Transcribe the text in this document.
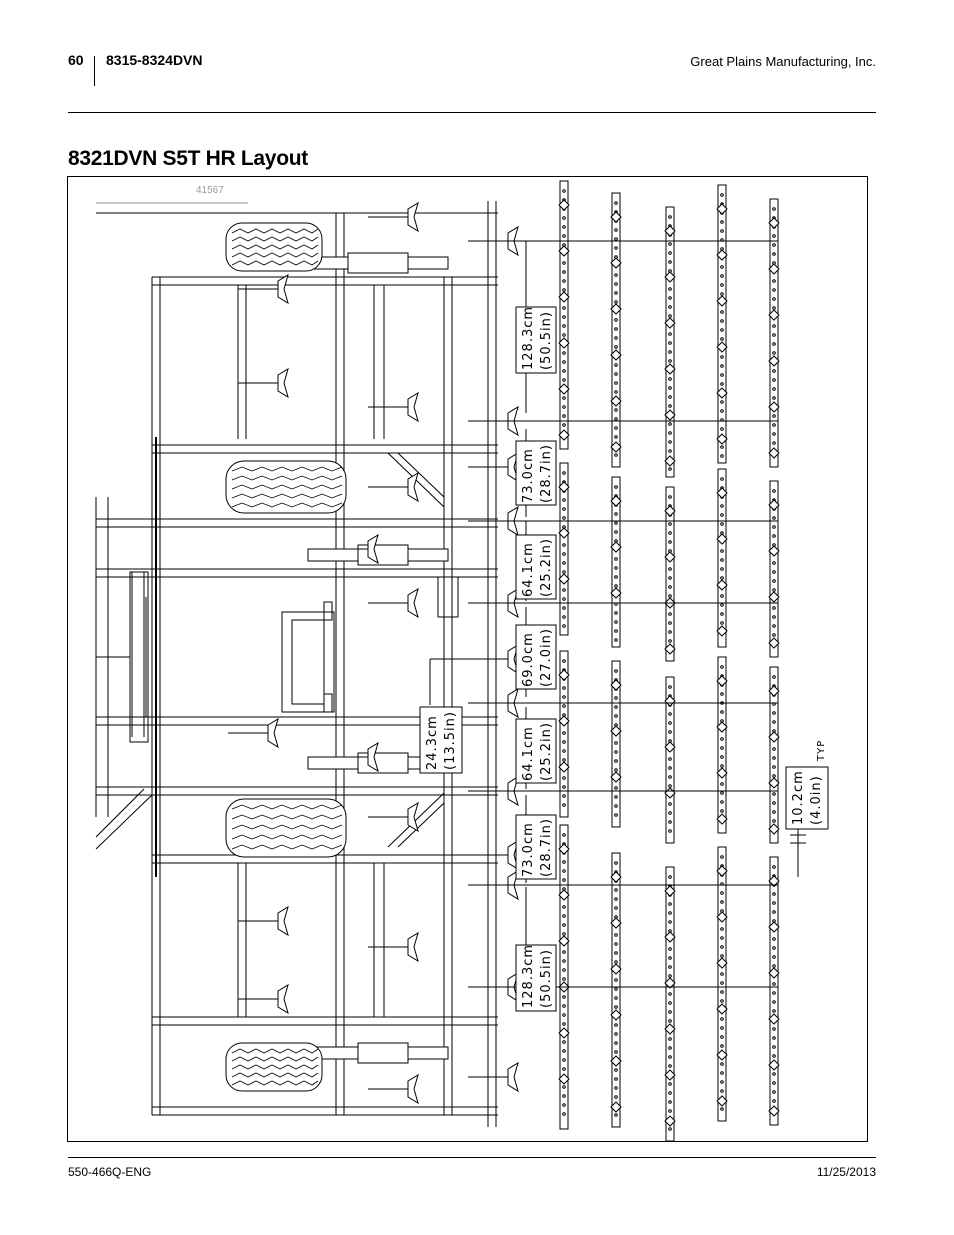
60 8315-8324DVN	Great Plains Manufacturing, Inc.
8321DVN S5T HR Layout
128.3cm (50.5in)
73.0cm (28.7in)
64.1cm (25.2in)
69.0cm (27.0in)
24.3cm (13.5in)	64.1cm (25.2in)
73.0cm (28.7in)
128.3cm (50.5in)
10.2cm (4.0in)
TYP
41567
550-466Q-ENG	11/25/2013
